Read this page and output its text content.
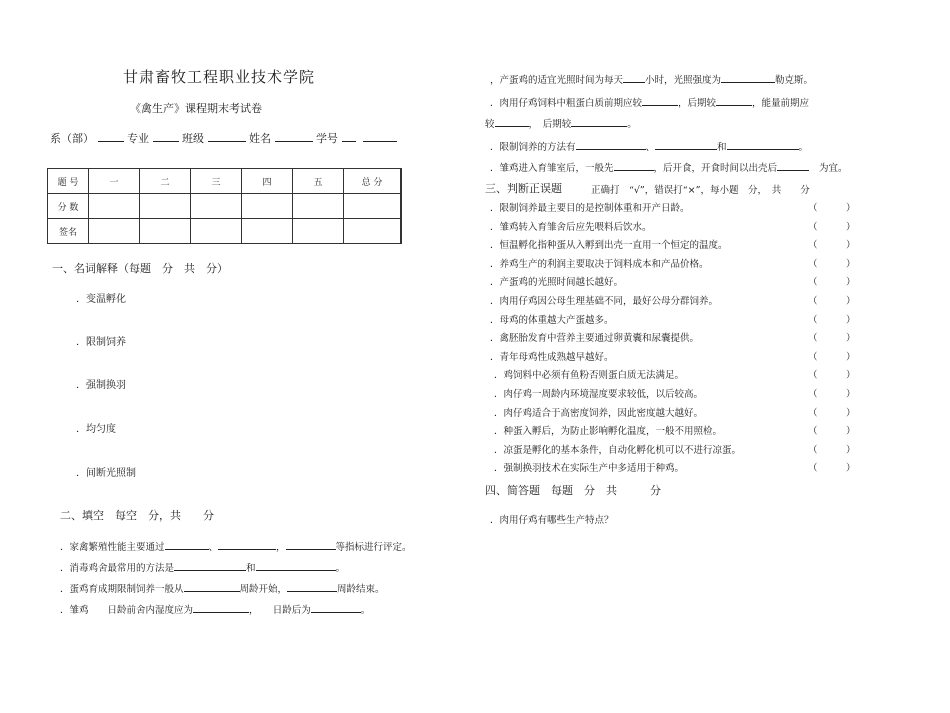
甘肃畜牧工程职业技术学院
《禽生产》课程期末考试卷
系（部）	专业	班级	姓名	学号
题 号	一	二	三	四	五	总 分
分 数						
签名						
一、名词解释（每题　分　共　分）
．变温孵化
．限制饲养
．强制换羽
．均匀度
．间断光照制
二、填空　每空　分，共　　分
．家禽繁殖性能主要通过	、	，	等指标进行评定。
．消毒鸡舍最常用的方法是	和	。
．蛋鸡育成期限制饲养一般从	周龄开始，	周龄结束。
．雏鸡　　日龄前舍内湿度应为	，　　日龄后为	。
，产蛋鸡的适宜光照时间为每天 小时，光照强度为	勒克斯。
．肉用仔鸡饲料中粗蛋白质前期应较	，后期较	，能量前期应
较	，　后期较	。
．限制饲养的方法有	、	和	。
．雏鸡进入育雏室后，一般先	，后开食，开食时间以出壳后	为宜。
三、判断正误题	正确打　“√”，错误打“×”，每小题　分，　共　　分
．限制饲养最主要目的是控制体重和开产日龄。	（　　　）
．雏鸡转入育雏舍后应先喂料后饮水。	（　　　）
．恒温孵化指种蛋从入孵到出壳一直用一个恒定的温度。	（　　　）
．养鸡生产的利润主要取决于饲料成本和产品价格。	（　　　）
．产蛋鸡的光照时间越长越好。	（　　　）
．肉用仔鸡因公母生理基础不同，最好公母分群饲养。	（　　　）
．母鸡的体重越大产蛋越多。	（　　　）
．禽胚胎发育中营养主要通过卵黄囊和尿囊提供。	（　　　）
．青年母鸡性成熟越早越好。	（　　　）
．鸡饲料中必须有鱼粉否则蛋白质无法满足。	（　　　）
．肉仔鸡一周龄内环境湿度要求较低，以后较高。	（　　　）
．肉仔鸡适合于高密度饲养，因此密度越大越好。	（　　　）
．种蛋入孵后，为防止影响孵化温度，一般不用照检。	（　　　）
．凉蛋是孵化的基本条件，自动化孵化机可以不进行凉蛋。	（　　　）
．强制换羽技术在实际生产中多适用于种鸡。	（　　　）
四、简答题　每题　分　共　　　分
．肉用仔鸡有哪些生产特点？
